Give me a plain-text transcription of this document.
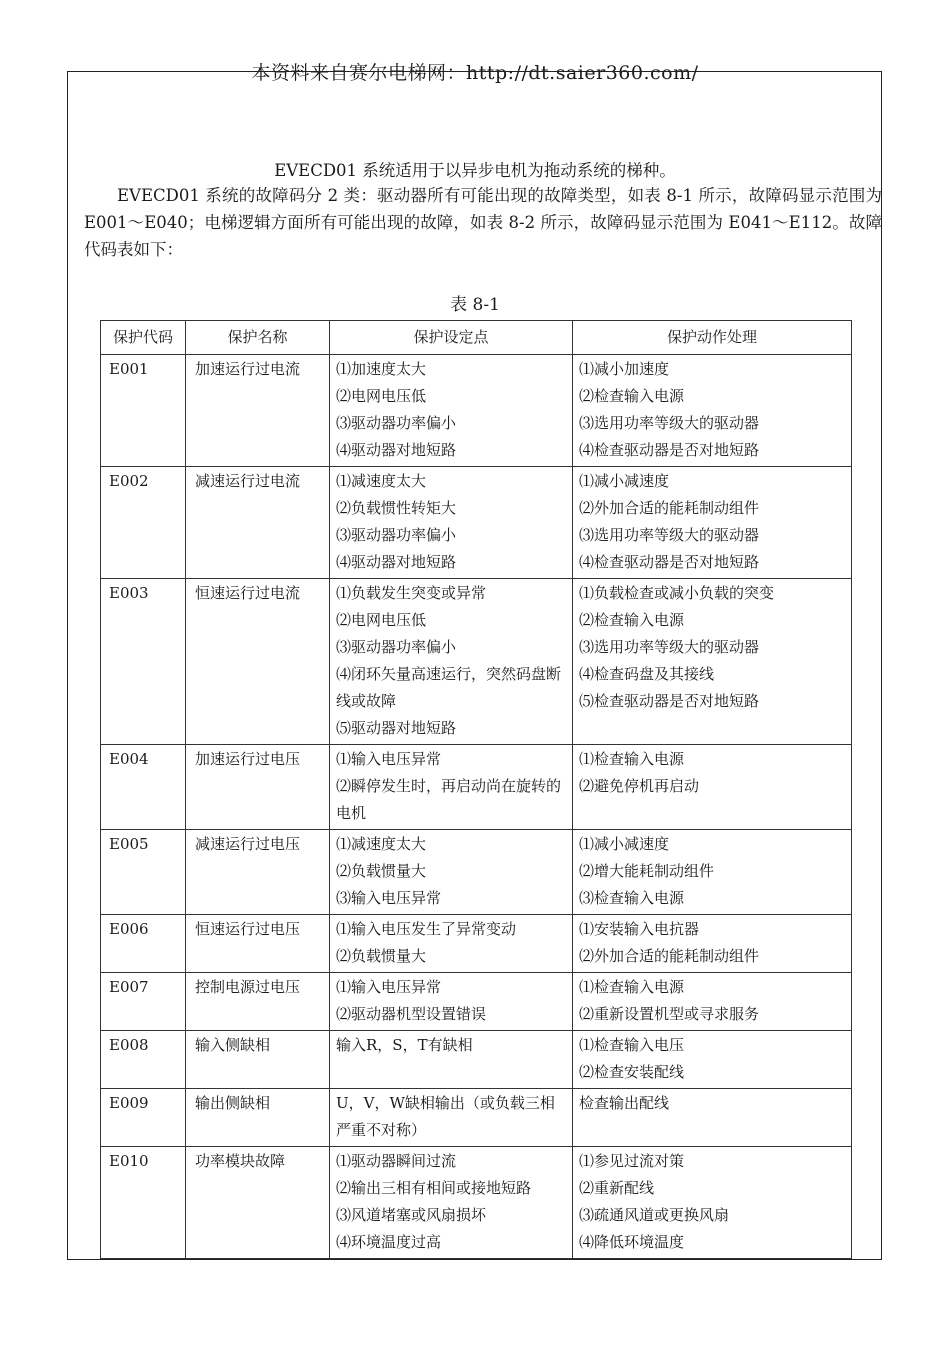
本资料来自赛尔电梯网：http://dt.saier360.com/
EVECD01 系统适用于以异步电机为拖动系统的梯种。
EVECD01 系统的故障码分 2 类：驱动器所有可能出现的故障类型，如表 8-1 所示，故障码显示范围为 E001～E040；电梯逻辑方面所有可能出现的故障，如表 8-2 所示，故障码显示范围为 E041～E112。故障代码表如下：
表 8-1
保护代码	保护名称	保护设定点	保护动作处理
E001	加速运行过电流	⑴加速度太大
⑵电网电压低
⑶驱动器功率偏小
⑷驱动器对地短路	⑴减小加速度
⑵检查输入电源
⑶选用功率等级大的驱动器
⑷检查驱动器是否对地短路

E002	减速运行过电流	⑴减速度太大
⑵负载惯性转矩大
⑶驱动器功率偏小
⑷驱动器对地短路	⑴减小减速度
⑵外加合适的能耗制动组件
⑶选用功率等级大的驱动器
⑷检查驱动器是否对地短路

E003	恒速运行过电流	⑴负载发生突变或异常
⑵电网电压低
⑶驱动器功率偏小
⑷闭环矢量高速运行，突然码盘断线或故障
⑸驱动器对地短路	⑴负载检查或减小负载的突变
⑵检查输入电源
⑶选用功率等级大的驱动器
⑷检查码盘及其接线
⑸检查驱动器是否对地短路

E004	加速运行过电压	⑴输入电压异常
⑵瞬停发生时，再启动尚在旋转的电机	⑴检查输入电源
⑵避免停机再启动

E005	减速运行过电压	⑴减速度太大
⑵负载惯量大
⑶输入电压异常	⑴减小减速度
⑵增大能耗制动组件
⑶检查输入电源

E006	恒速运行过电压	⑴输入电压发生了异常变动
⑵负载惯量大	⑴安装输入电抗器
⑵外加合适的能耗制动组件

E007	控制电源过电压	⑴输入电压异常
⑵驱动器机型设置错误	⑴检查输入电源
⑵重新设置机型或寻求服务

E008	输入侧缺相	输入R，S，T有缺相	⑴检查输入电压
⑵检查安装配线

E009	输出侧缺相	U，V，W缺相输出（或负载三相严重不对称）	检查输出配线

E010	功率模块故障	⑴驱动器瞬间过流
⑵输出三相有相间或接地短路
⑶风道堵塞或风扇损坏
⑷环境温度过高	⑴参见过流对策
⑵重新配线
⑶疏通风道或更换风扇
⑷降低环境温度
